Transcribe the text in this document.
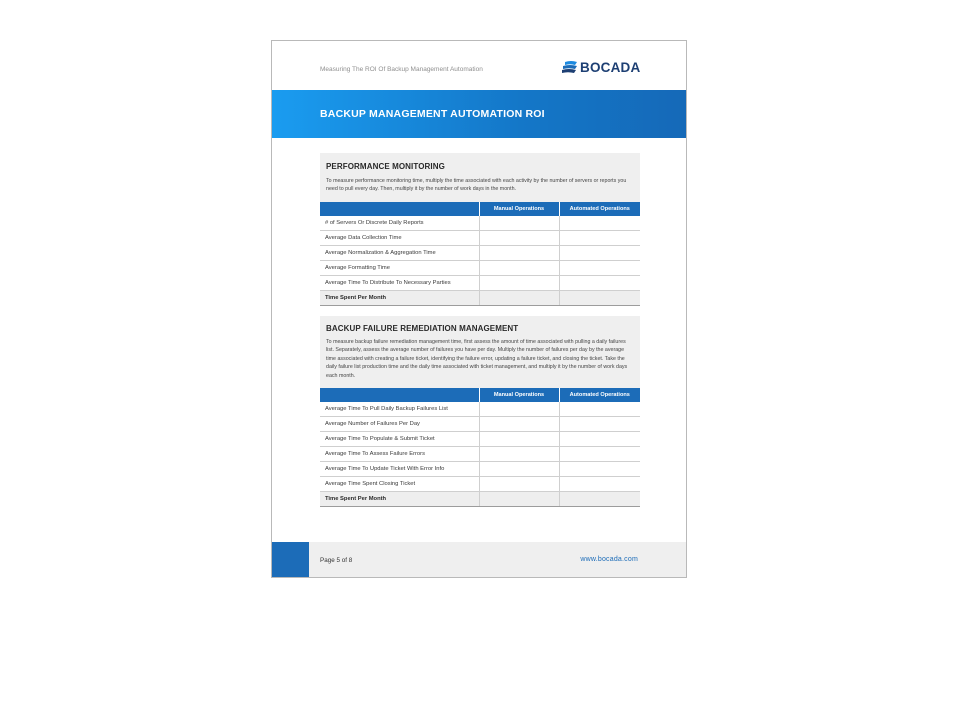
Measuring The ROI Of Backup Management Automation	BOCADA
BACKUP MANAGEMENT AUTOMATION ROI
PERFORMANCE MONITORING
To measure performance monitoring time, multiply the time associated with each activity by the number of servers or reports you need to pull every day. Then, multiply it by the number of work days in the month.
	Manual Operations	Automated Operations
# of Servers Or Discrete Daily Reports		
Average Data Collection Time		
Average Normalization & Aggregation Time		
Average Formatting Time		
Average Time To Distribute To Necessary Parties		
Time Spent Per Month		
BACKUP FAILURE REMEDIATION MANAGEMENT
To measure backup failure remediation management time, first assess the amount of time associated with pulling a daily failures list. Separately, assess the average number of failures you have per day. Multiply the number of failures per day by the average time associated with creating a failure ticket, identifying the failure error, updating a failure ticket, and closing the ticket. Take the daily failure list production time and the daily time associated with ticket management, and multiply it by the number of work days each month.
	Manual Operations	Automated Operations
Average Time To Pull Daily Backup Failures List		
Average Number of Failures Per Day		
Average Time To Populate & Submit Ticket		
Average Time To Assess Failure Errors		
Average Time To Update Ticket With Error Info		
Average Time Spent Closing Ticket		
Time Spent Per Month		
Page 5 of 8	www.bocada.com
